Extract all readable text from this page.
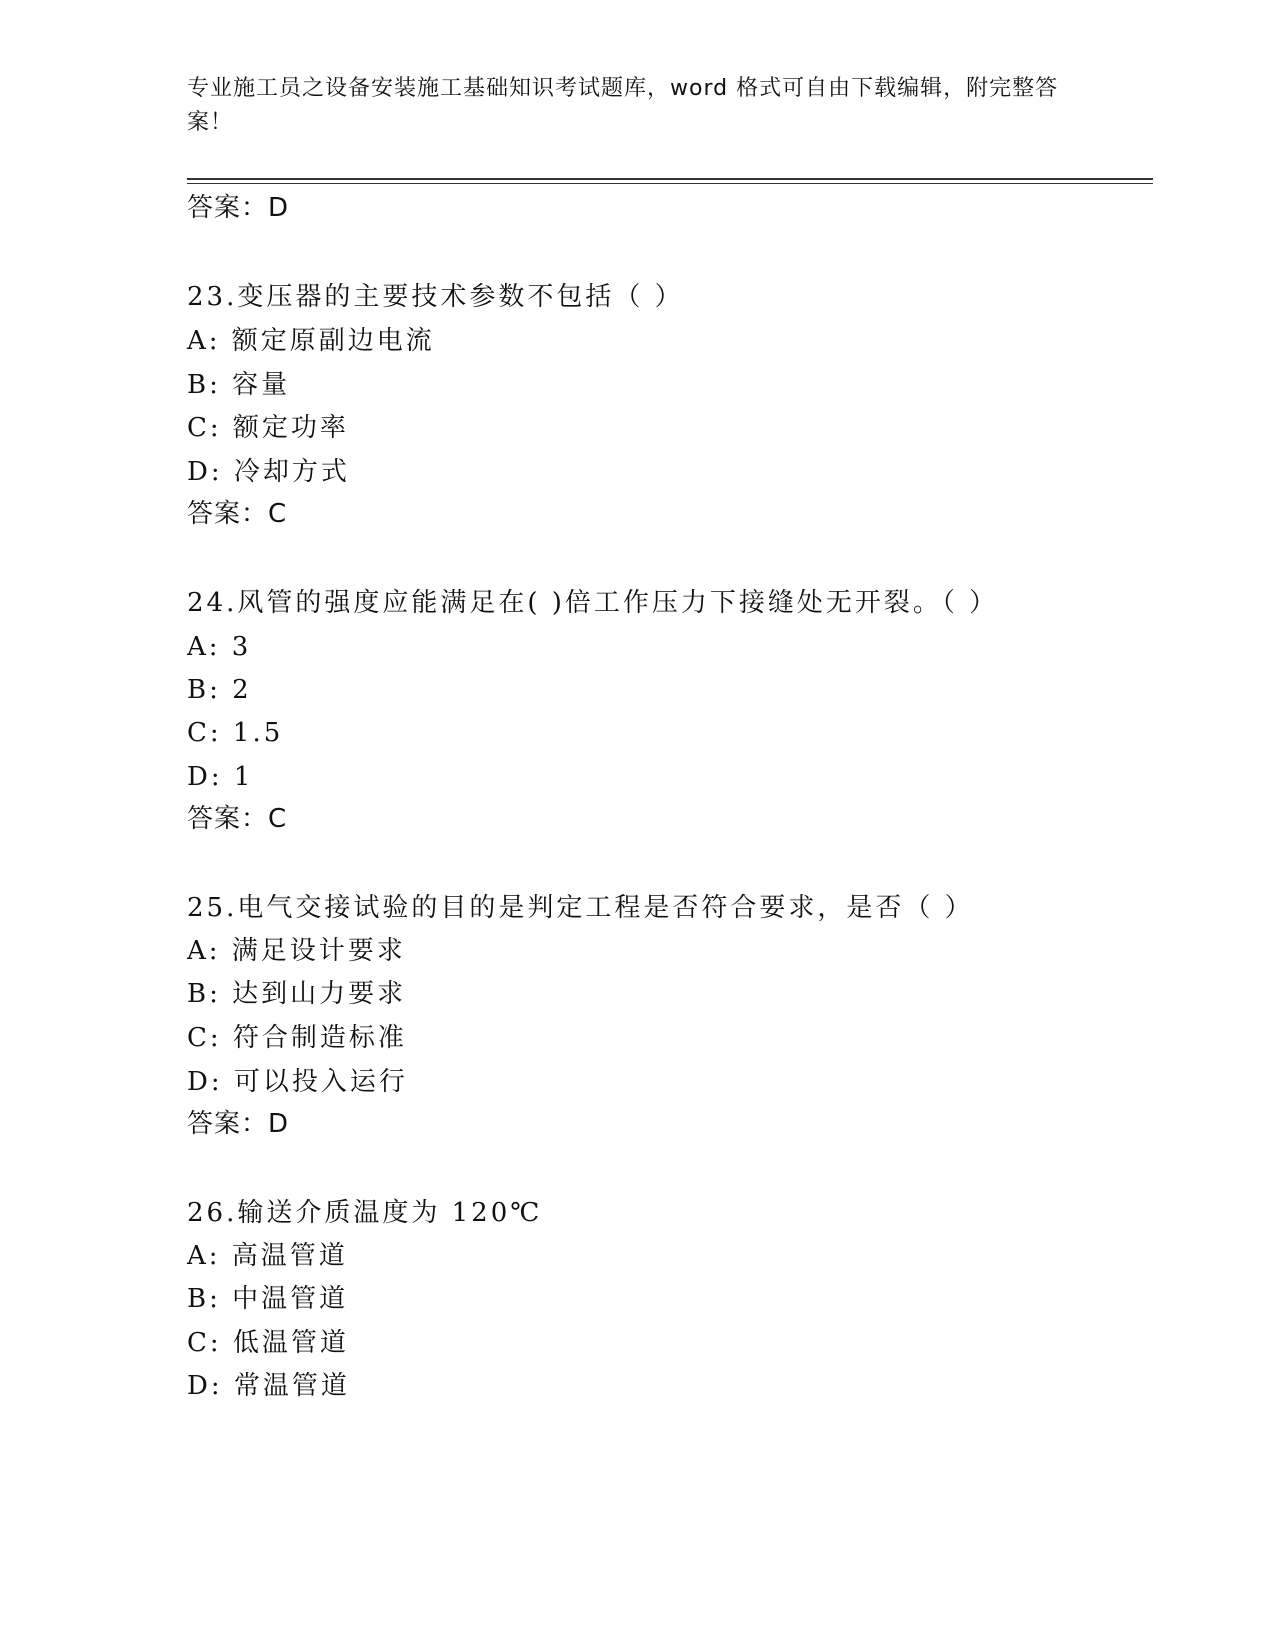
专业施工员之设备安装施工基础知识考试题库，word 格式可自由下载编辑，附完整答案！
答案：D
23.变压器的主要技术参数不包括（ ）
A: 额定原副边电流
B: 容量
C: 额定功率
D: 冷却方式
答案：C
24.风管的强度应能满足在( )倍工作压力下接缝处无开裂。（ ）
A: 3
B: 2
C: 1.5
D: 1
答案：C
25.电气交接试验的目的是判定工程是否符合要求，是否（ ）
A: 满足设计要求
B: 达到山力要求
C: 符合制造标准
D: 可以投入运行
答案：D
26.输送介质温度为 120℃
A: 高温管道
B: 中温管道
C: 低温管道
D: 常温管道
